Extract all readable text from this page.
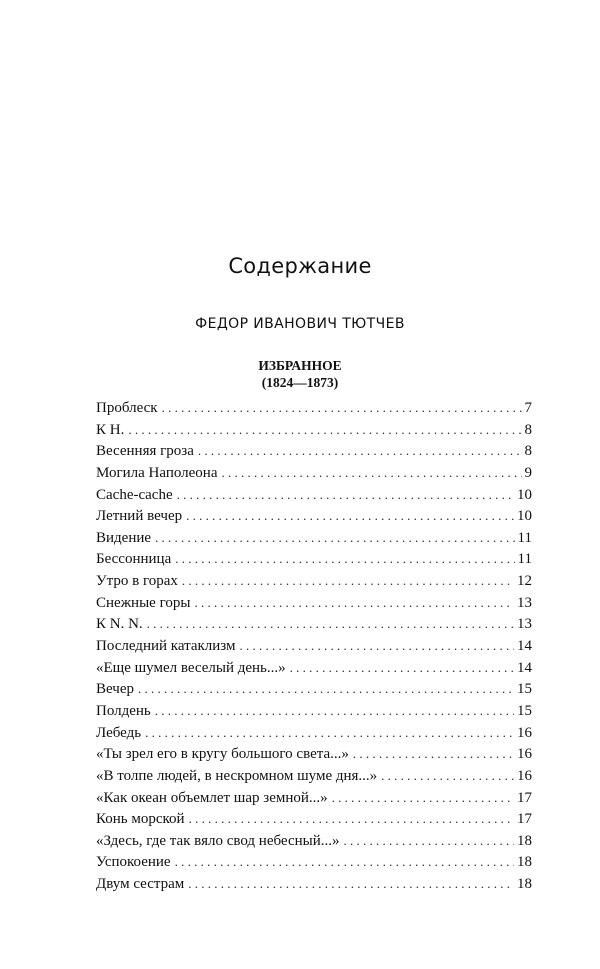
Содержание
ФЕДОР ИВАНОВИЧ ТЮТЧЕВ
ИЗБРАННОЕ
(1824—1873)
Проблеск . . .	7
К Н. . . .	8
Весенняя гроза . . .	8
Могила Наполеона . . .	9
Cache-cache . . .	10
Летний вечер . . .	10
Видение . . .	11
Бессонница . . .	11
Утро в горах . . .	12
Снежные горы . . .	13
К N. N. . . .	13
Последний катаклизм . . .	14
«Еще шумел веселый день...» . . .	14
Вечер . . .	15
Полдень . . .	15
Лебедь . . .	16
«Ты зрел его в кругу большого света...» . . .	16
«В толпе людей, в нескромном шуме дня...» . . .	16
«Как океан объемлет шар земной...» . . .	17
Конь морской . . .	17
«Здесь, где так вяло свод небесный...» . . .	18
Успокоение . . .	18
Двум сестрам . . .	18
